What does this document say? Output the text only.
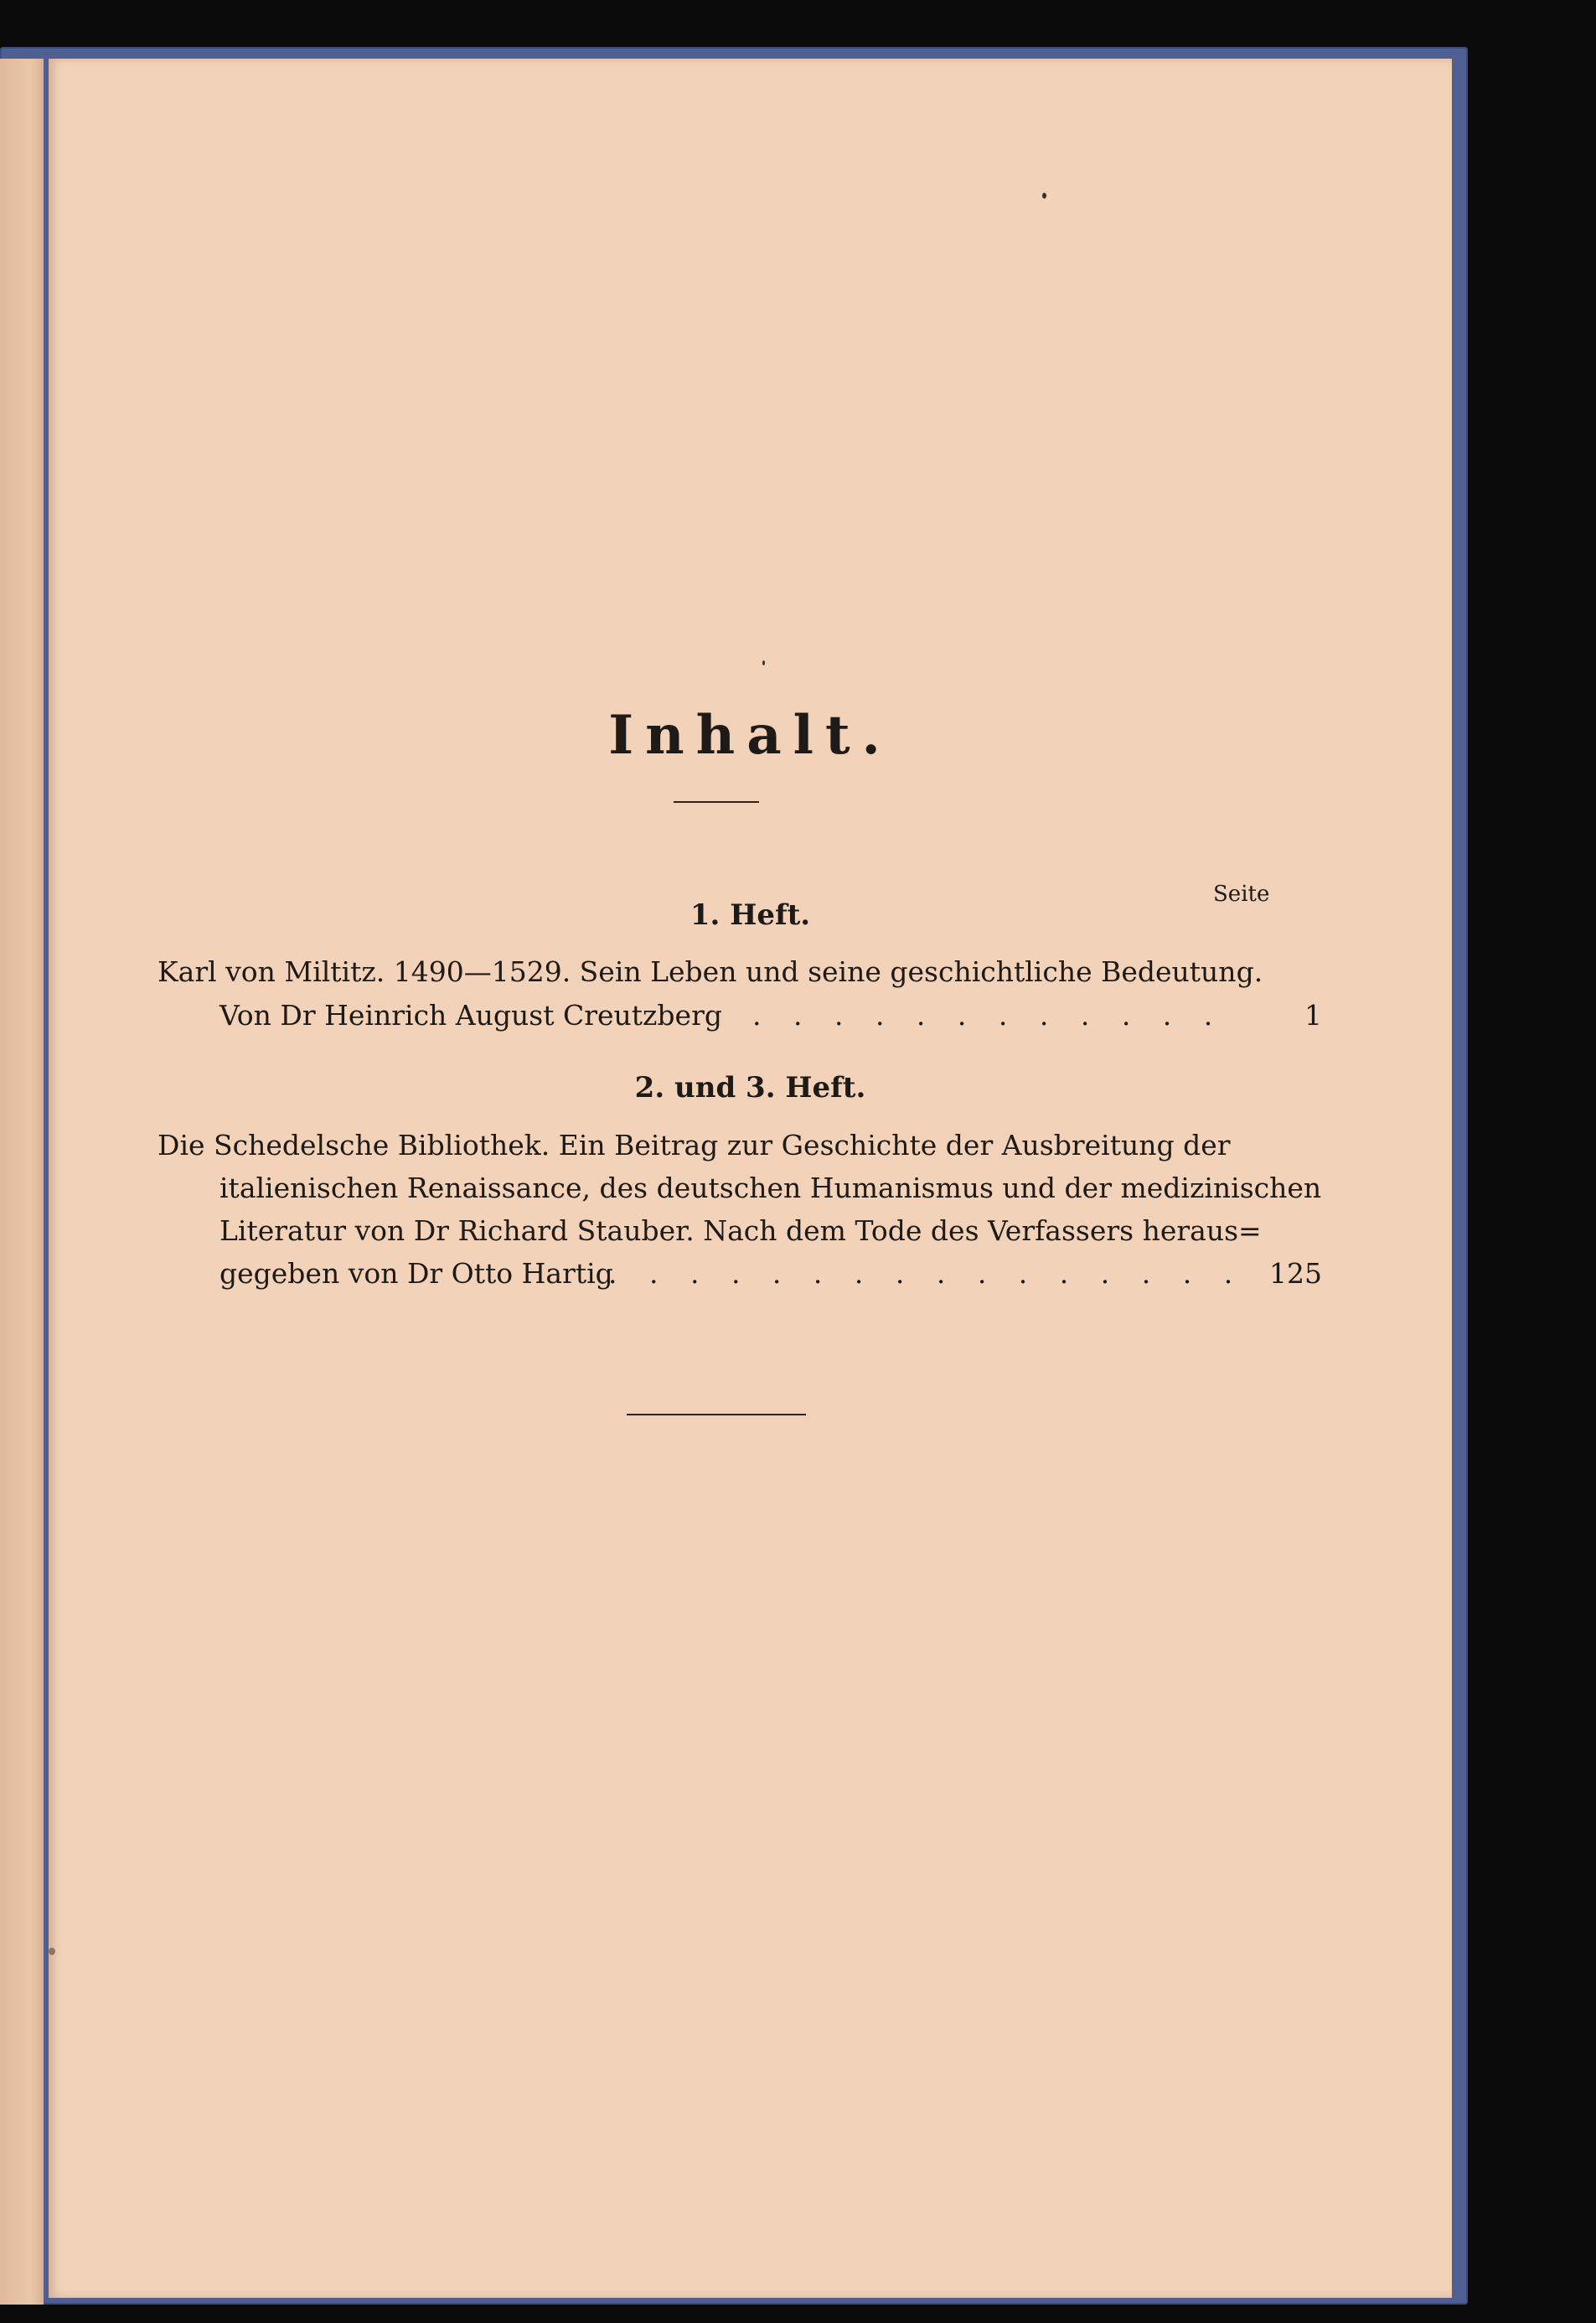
Inhalt.
Seite
1. Heft.
Karl von Miltitz. 1490—1529. Sein Leben und seine geschichtliche Bedeutung.
Von Dr Heinrich August Creutzberg . . . . . . . . . . . .	1
2. und 3. Heft.
Die Schedelsche Bibliothek. Ein Beitrag zur Geschichte der Ausbreitung der
italienischen Renaissance, des deutschen Humanismus und der medizinischen
Literatur von Dr Richard Stauber. Nach dem Tode des Verfassers heraus=
gegeben von Dr Otto Hartig
. . . . . . . . . . . . . . . . 125
